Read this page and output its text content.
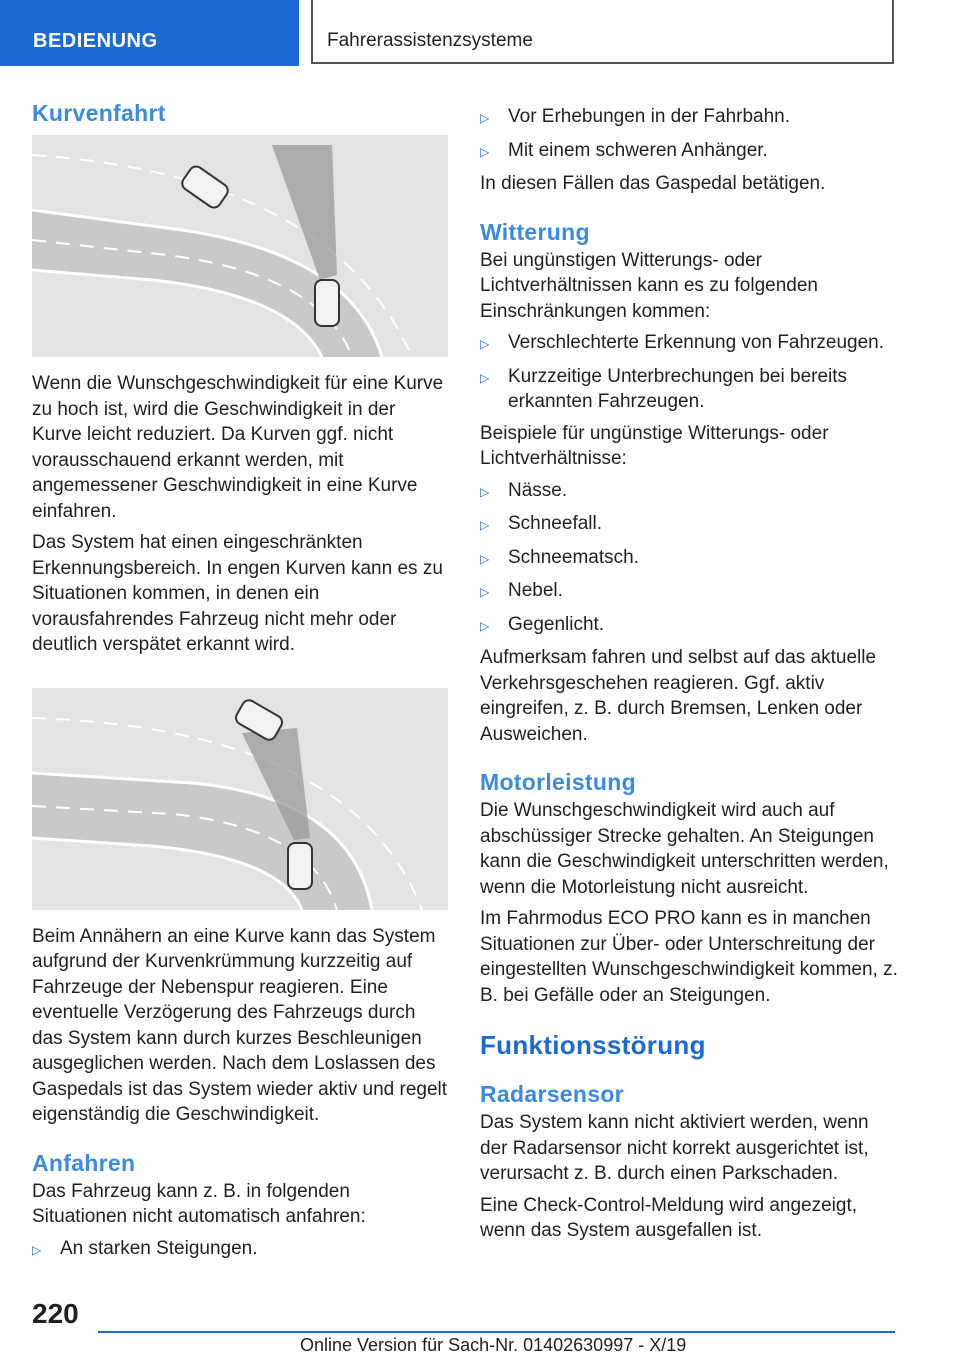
BEDIENUNG	Fahrerassistenzsysteme
Kurvenfahrt

Wenn die Wunschgeschwindigkeit für eine Kurve zu hoch ist, wird die Geschwindigkeit in der Kurve leicht reduziert. Da Kurven ggf. nicht vorausschauend erkannt werden, mit angemessener Geschwindigkeit in eine Kurve einfahren.

Das System hat einen eingeschränkten Erkennungsbereich. In engen Kurven kann es zu Situationen kommen, in denen ein vorausfahrendes Fahrzeug nicht mehr oder deutlich verspätet erkannt wird.

Beim Annähern an eine Kurve kann das System aufgrund der Kurvenkrümmung kurzzeitig auf Fahrzeuge der Nebenspur reagieren. Eine eventuelle Verzögerung des Fahrzeugs durch das System kann durch kurzes Beschleunigen ausgeglichen werden. Nach dem Loslassen des Gaspedals ist das System wieder aktiv und regelt eigenständig die Geschwindigkeit.

Anfahren

Das Fahrzeug kann z. B. in folgenden Situationen nicht automatisch anfahren:

▷ An starken Steigungen.
▷ Vor Erhebungen in der Fahrbahn.
▷ Mit einem schweren Anhänger.

In diesen Fällen das Gaspedal betätigen.

Witterung

Bei ungünstigen Witterungs- oder Lichtverhältnissen kann es zu folgenden Einschränkungen kommen:

▷ Verschlechterte Erkennung von Fahrzeugen.
▷ Kurzzeitige Unterbrechungen bei bereits erkannten Fahrzeugen.

Beispiele für ungünstige Witterungs- oder Lichtverhältnisse:

▷ Nässe.
▷ Schneefall.
▷ Schneematsch.
▷ Nebel.
▷ Gegenlicht.

Aufmerksam fahren und selbst auf das aktuelle Verkehrsgeschehen reagieren. Ggf. aktiv eingreifen, z. B. durch Bremsen, Lenken oder Ausweichen.

Motorleistung

Die Wunschgeschwindigkeit wird auch auf abschüssiger Strecke gehalten. An Steigungen kann die Geschwindigkeit unterschritten werden, wenn die Motorleistung nicht ausreicht.

Im Fahrmodus ECO PRO kann es in manchen Situationen zur Über- oder Unterschreitung der eingestellten Wunschgeschwindigkeit kommen, z. B. bei Gefälle oder an Steigungen.

Funktionsstörung
Radarsensor

Das System kann nicht aktiviert werden, wenn der Radarsensor nicht korrekt ausgerichtet ist, verursacht z. B. durch einen Parkschaden.

Eine Check-Control-Meldung wird angezeigt, wenn das System ausgefallen ist.

220
Online Version für Sach-Nr. 01402630997 - X/19
